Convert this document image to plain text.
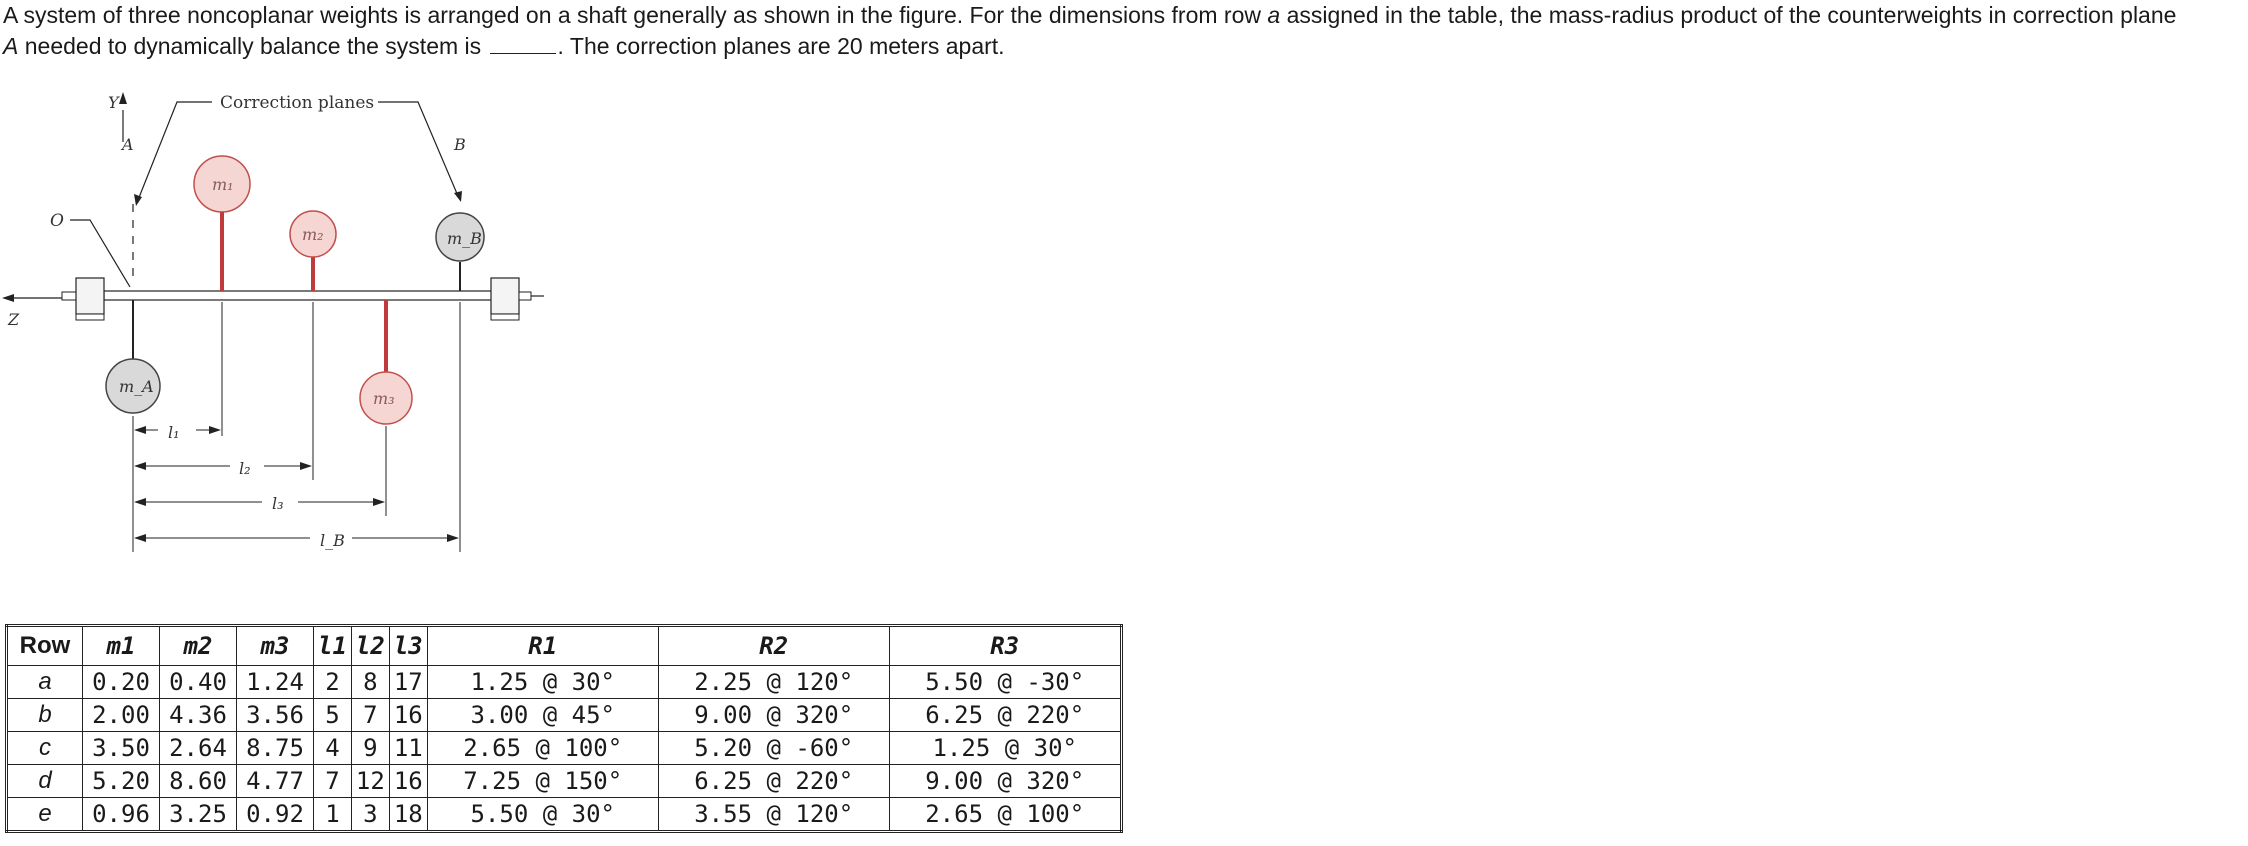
A system of three noncoplanar weights is arranged on a shaft generally as shown in the figure. For the dimensions from row a assigned in the table, the mass-radius product of the counterweights in correction plane
A needed to dynamically balance the system is	. The correction planes are 20 meters apart.
Y
A	B
Correction planes
O
Z
m₁
m₂	m_B
m_A
m₃
l₁
l₂
l₃
l_B
Row	m1	m2	m3	l1	l2	l3	R1	R2	R3
a	0.20	0.40	1.24	2	8	17	1.25 @ 30°	2.25 @ 120°	5.50 @ -30°
b	2.00	4.36	3.56	5	7	16	3.00 @ 45°	9.00 @ 320°	6.25 @ 220°
c	3.50	2.64	8.75	4	9	11	2.65 @ 100°	5.20 @ -60°	1.25 @ 30°
d	5.20	8.60	4.77	7	12	16	7.25 @ 150°	6.25 @ 220°	9.00 @ 320°
e	0.96	3.25	0.92	1	3	18	5.50 @ 30°	3.55 @ 120°	2.65 @ 100°
